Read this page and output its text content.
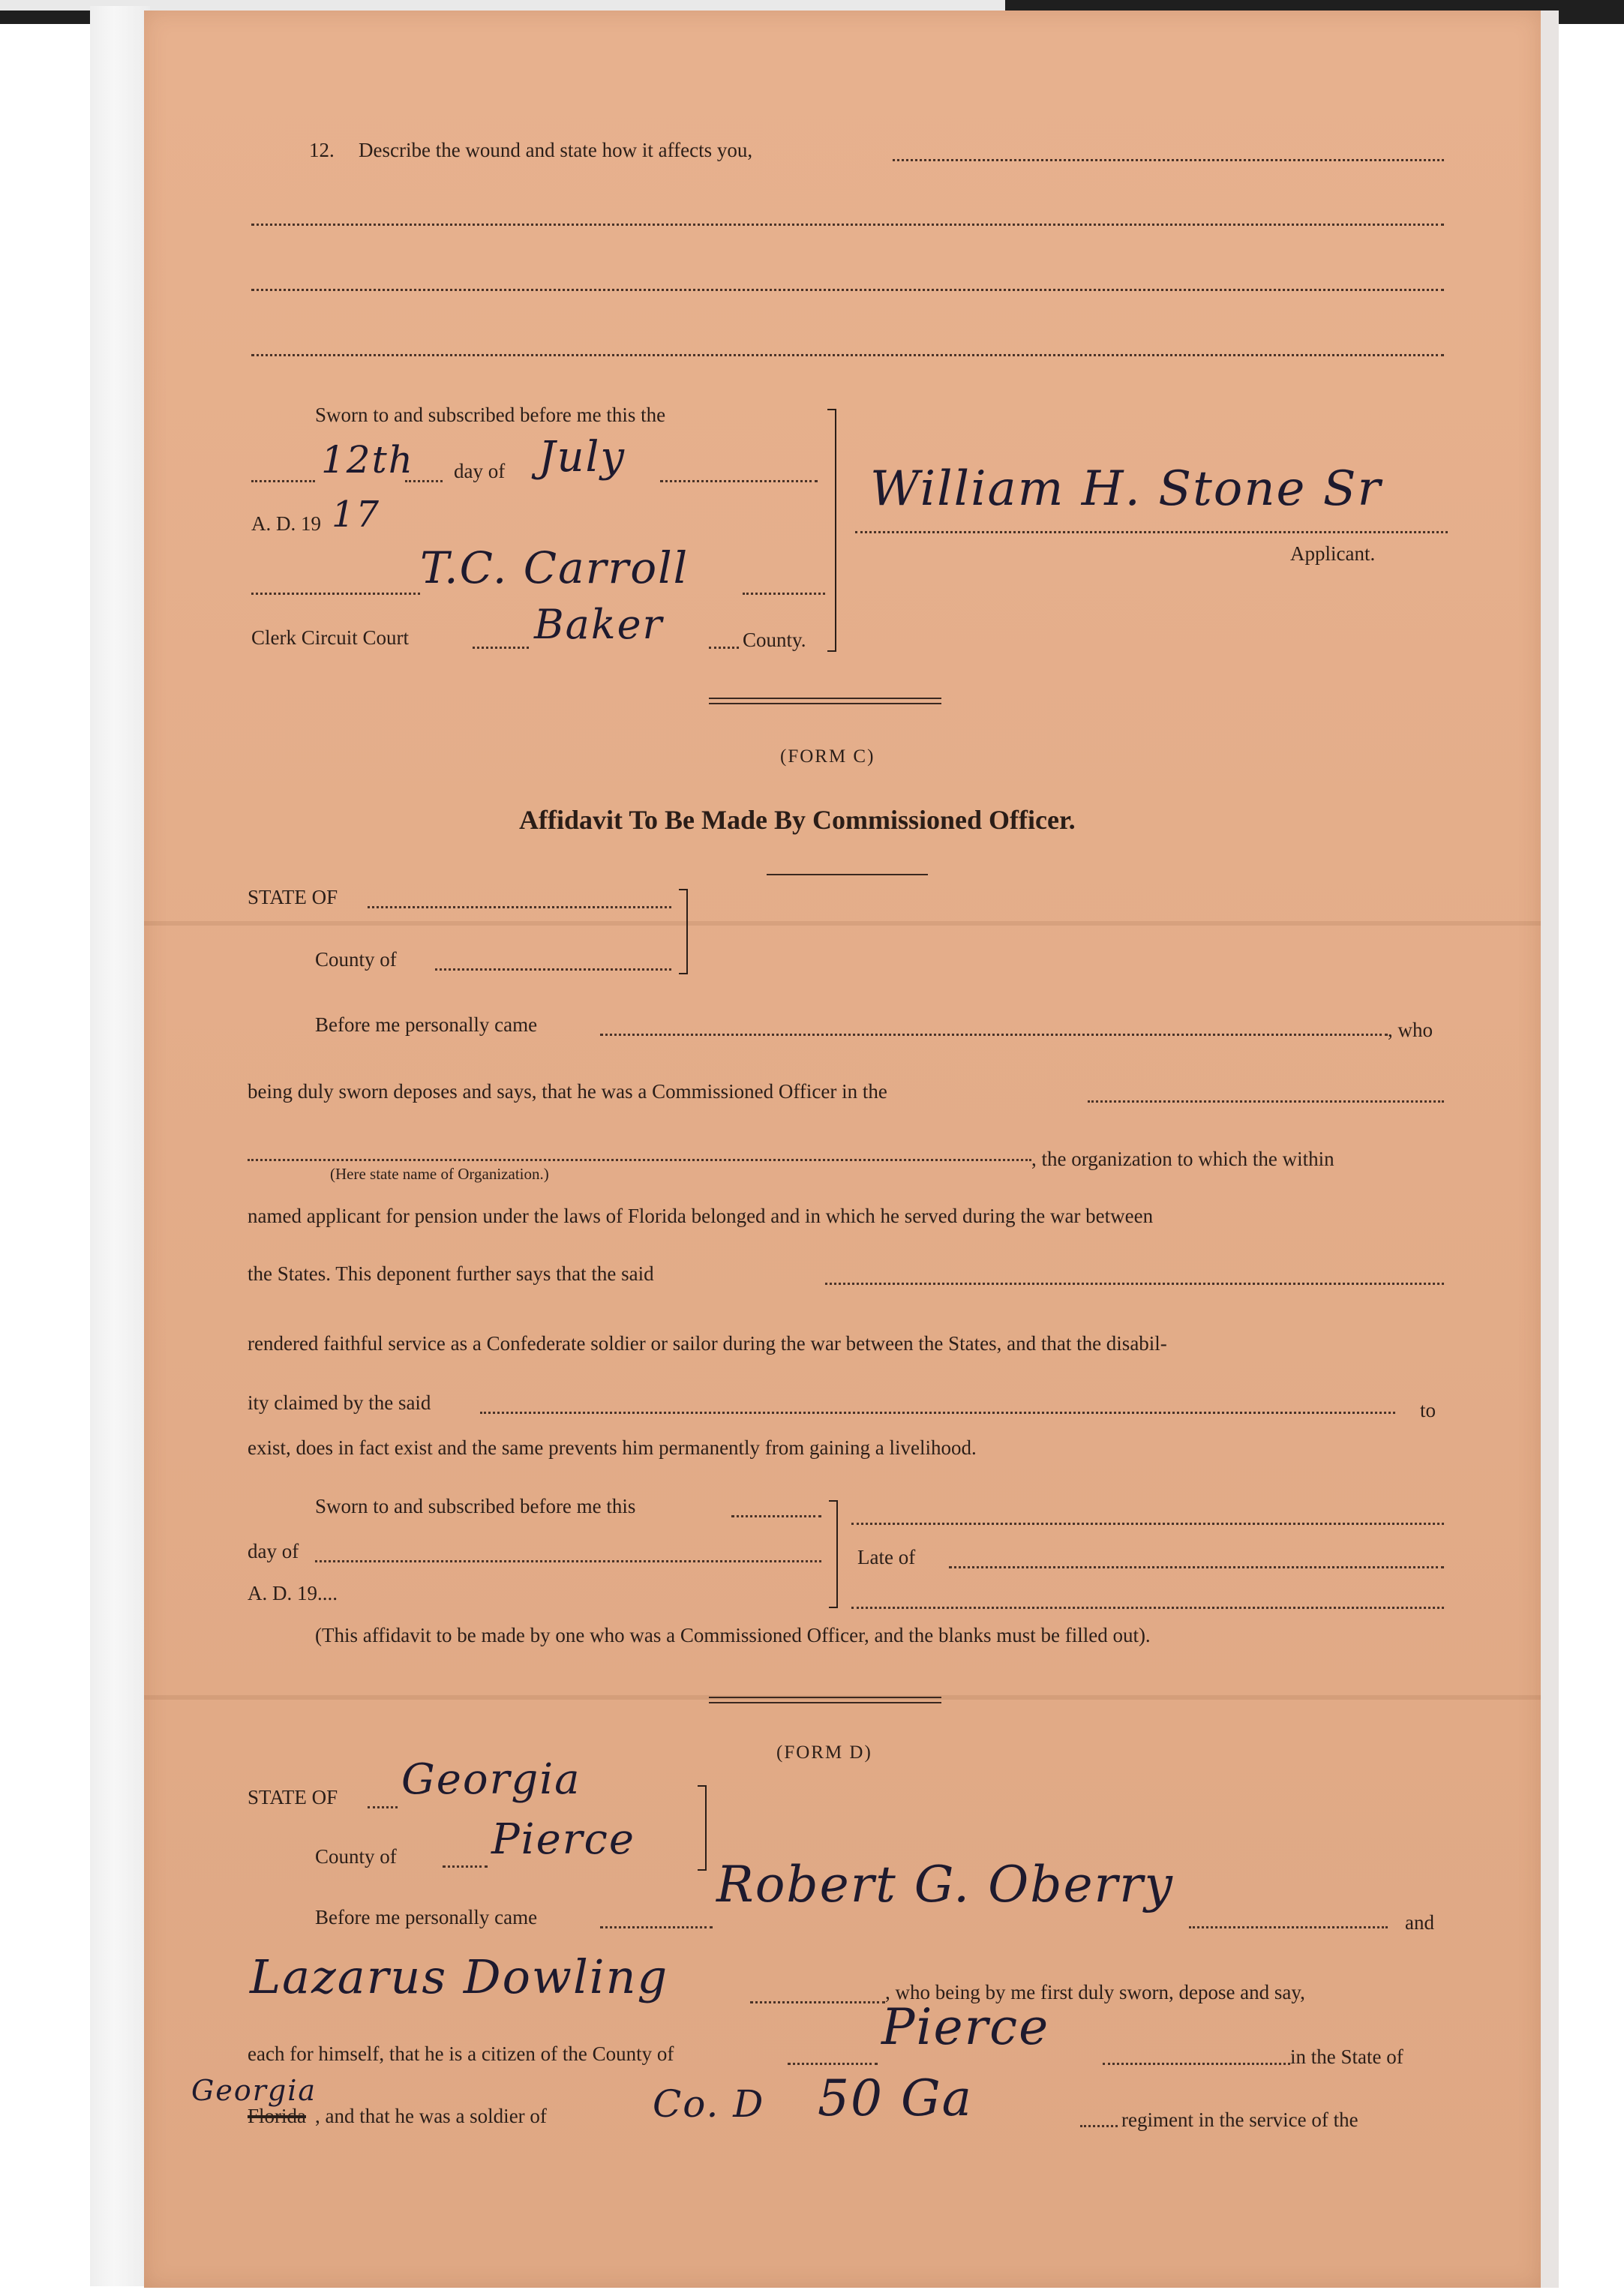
12. Describe the wound and state how it affects you,
Sworn to and subscribed before me this the
12th day of July
A. D. 19 17
T.C. Carroll
Clerk Circuit Court	Baker	County.
William H. Stone Sr
Applicant.
(FORM C)
Affidavit To Be Made By Commissioned Officer.
STATE OF
County of
Before me personally came	, who
being duly sworn deposes and says, that he was a Commissioned Officer in the
, the organization to which the within
(Here state name of Organization.)
named applicant for pension under the laws of Florida belonged and in which he served during the war between
the States. This deponent further says that the said
rendered faithful service as a Confederate soldier or sailor during the war between the States, and that the disabil-
ity claimed by the said	to
exist, does in fact exist and the same prevents him permanently from gaining a livelihood.
Sworn to and subscribed before me this
day of
A. D. 19....
Late of
(This affidavit to be made by one who was a Commissioned Officer, and the blanks must be filled out).
(FORM D)
STATE OF Georgia
County of Pierce
Before me personally came
Robert G. Oberry
and
Lazarus Dowling	, who being by me first duly sworn, depose and say,
each for himself, that he is a citizen of the County of	Pierce
in the State of
Georgia
Florida , and that he was a soldier of	Co. D 50 Ga	regiment in the service of the
